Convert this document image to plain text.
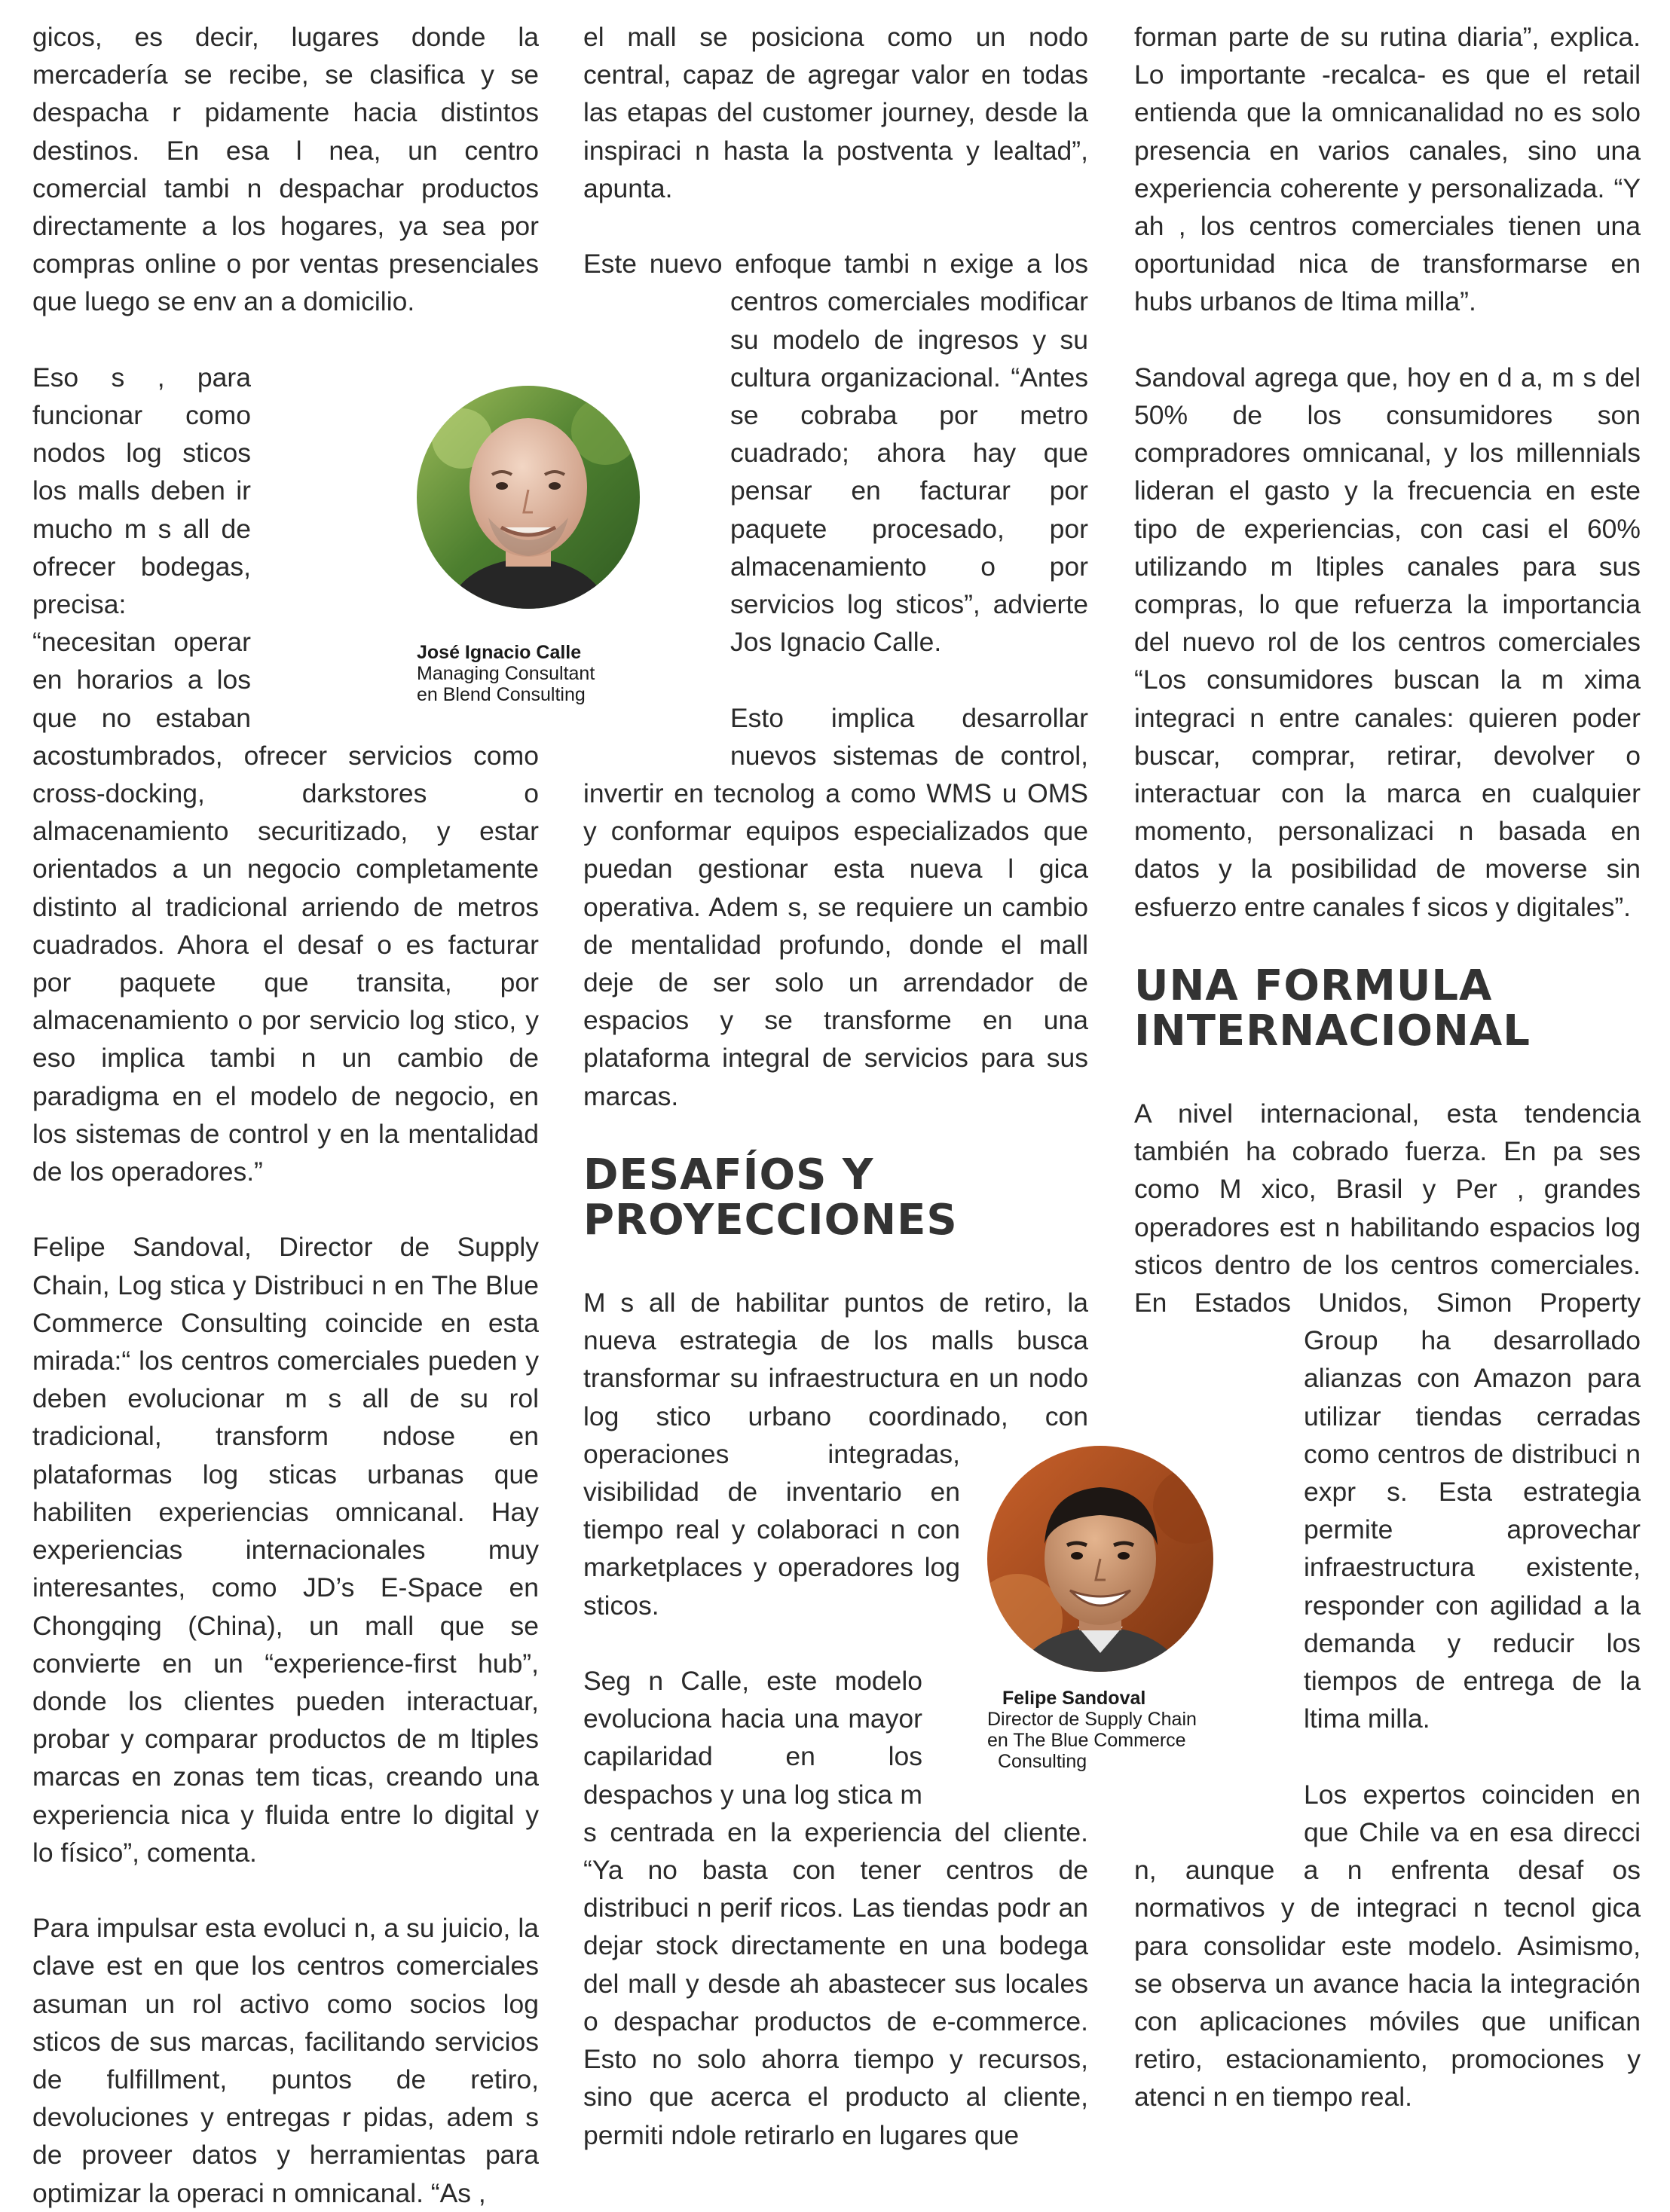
gicos, es decir, lugares donde la mercadería se recibe, se clasifica y se despacha r pidamente hacia distintos destinos. En esa l nea, un centro comercial tambi n despachar productos directamente a los hogares, ya sea por compras online o por ventas presenciales que luego se env an a domicilio.

Eso s , para funcionar como nodos log sticos los malls deben ir mucho m s all de ofrecer bodegas, precisa: “necesitan operar en horarios a los que no estaban acostumbrados, ofrecer servicios como cross-docking, darkstores o almacenamiento securitizado, y estar orientados a un negocio completamente distinto al tradicional arriendo de metros cuadrados. Ahora el desaf o es facturar por paquete que transita, por almacenamiento o por servicio log stico, y eso implica tambi n un cambio de paradigma en el modelo de negocio, en los sistemas de control y en la mentalidad de los operadores.”

Felipe Sandoval, Director de Supply Chain, Log stica y Distribuci n en The Blue Commerce Consulting coincide en esta mirada:“ los centros comerciales pueden y deben evolucionar m s all de su rol tradicional, transform ndose en plataformas log sticas urbanas que habiliten experiencias omnicanal. Hay experiencias internacionales muy interesantes, como JD’s E-Space en Chongqing (China), un mall que se convierte en un “experience-first hub”, donde los clientes pueden interactuar, probar y comparar productos de m ltiples marcas en zonas tem ticas, creando una experiencia nica y fluida entre lo digital y lo físico”, comenta.

Para impulsar esta evoluci n, a su juicio, la clave est en que los centros comerciales asuman un rol activo como socios log sticos de sus marcas, facilitando servicios de fulfillment, puntos de retiro, devoluciones y entregas r pidas, adem s de proveer datos y herramientas para optimizar la operaci n omnicanal. “As ,

el mall se posiciona como un nodo central, capaz de agregar valor en todas las etapas del customer journey, desde la inspiraci n hasta la postventa y lealtad”, apunta.

Este nuevo enfoque tambi n exige a los centros comerciales modificar su modelo de ingresos y su cultura organizacional. “Antes se cobraba por metro cuadrado; ahora hay que pensar en facturar por paquete procesado, por almacenamiento o por servicios log sticos”, advierte Jos Ignacio Calle.

Esto implica desarrollar nuevos sistemas de control, invertir en tecnolog a como WMS u OMS y conformar equipos especializados que puedan gestionar esta nueva l gica operativa. Adem s, se requiere un cambio de mentalidad profundo, donde el mall deje de ser solo un arrendador de espacios y se transforme en una plataforma integral de servicios para sus marcas.

DESAFÍOS Y PROYECCIONES

M s all de habilitar puntos de retiro, la nueva estrategia de los malls busca transformar su infraestructura en un nodo log stico urbano coordinado, con operaciones integradas, visibilidad de inventario en tiempo real y colaboraci n con marketplaces y operadores log sticos.

Seg n Calle, este modelo evoluciona hacia una mayor capilaridad en los despachos y una log stica m s centrada en la experiencia del cliente. “Ya no basta con tener centros de distribuci n perif ricos. Las tiendas podr an dejar stock directamente en una bodega del mall y desde ah abastecer sus locales o despachar productos de e-commerce. Esto no solo ahorra tiempo y recursos, sino que acerca el producto al cliente, permiti ndole retirarlo en lugares que

forman parte de su rutina diaria”, explica. Lo importante -recalca- es que el retail entienda que la omnicanalidad no es solo presencia en varios canales, sino una experiencia coherente y personalizada. “Y ah , los centros comerciales tienen una oportunidad nica de transformarse en hubs urbanos de ltima milla”.

Sandoval agrega que, hoy en d a, m s del 50% de los consumidores son compradores omnicanal, y los millennials lideran el gasto y la frecuencia en este tipo de experiencias, con casi el 60% utilizando m ltiples canales para sus compras, lo que refuerza la importancia del nuevo rol de los centros comerciales “Los consumidores buscan la m xima integraci n entre canales: quieren poder buscar, comprar, retirar, devolver o interactuar con la marca en cualquier momento, personalizaci n basada en datos y la posibilidad de moverse sin esfuerzo entre canales f sicos y digitales”.

UNA FORMULA INTERNACIONAL

A nivel internacional, esta tendencia también ha cobrado fuerza. En pa ses como M xico, Brasil y Per , grandes operadores est n habilitando espacios log sticos dentro de los centros comerciales. En Estados Unidos, Simon Property Group ha desarrollado alianzas con Amazon para utilizar tiendas cerradas como centros de distribuci n expr s. Esta estrategia permite aprovechar infraestructura existente, responder con agilidad a la demanda y reducir los tiempos de entrega de la ltima milla.

Los expertos coinciden en que Chile va en esa direcci n, aunque a n enfrenta desaf os normativos y de integraci n tecnol gica para consolidar este modelo. Asimismo, se observa un avance hacia la integración con aplicaciones móviles que unifican retiro, estacionamiento, promociones y atenci n en tiempo real.

José Ignacio Calle
Managing Consultant
en Blend Consulting
Felipe Sandoval
Director de Supply Chain
en The Blue Commerce
Consulting
